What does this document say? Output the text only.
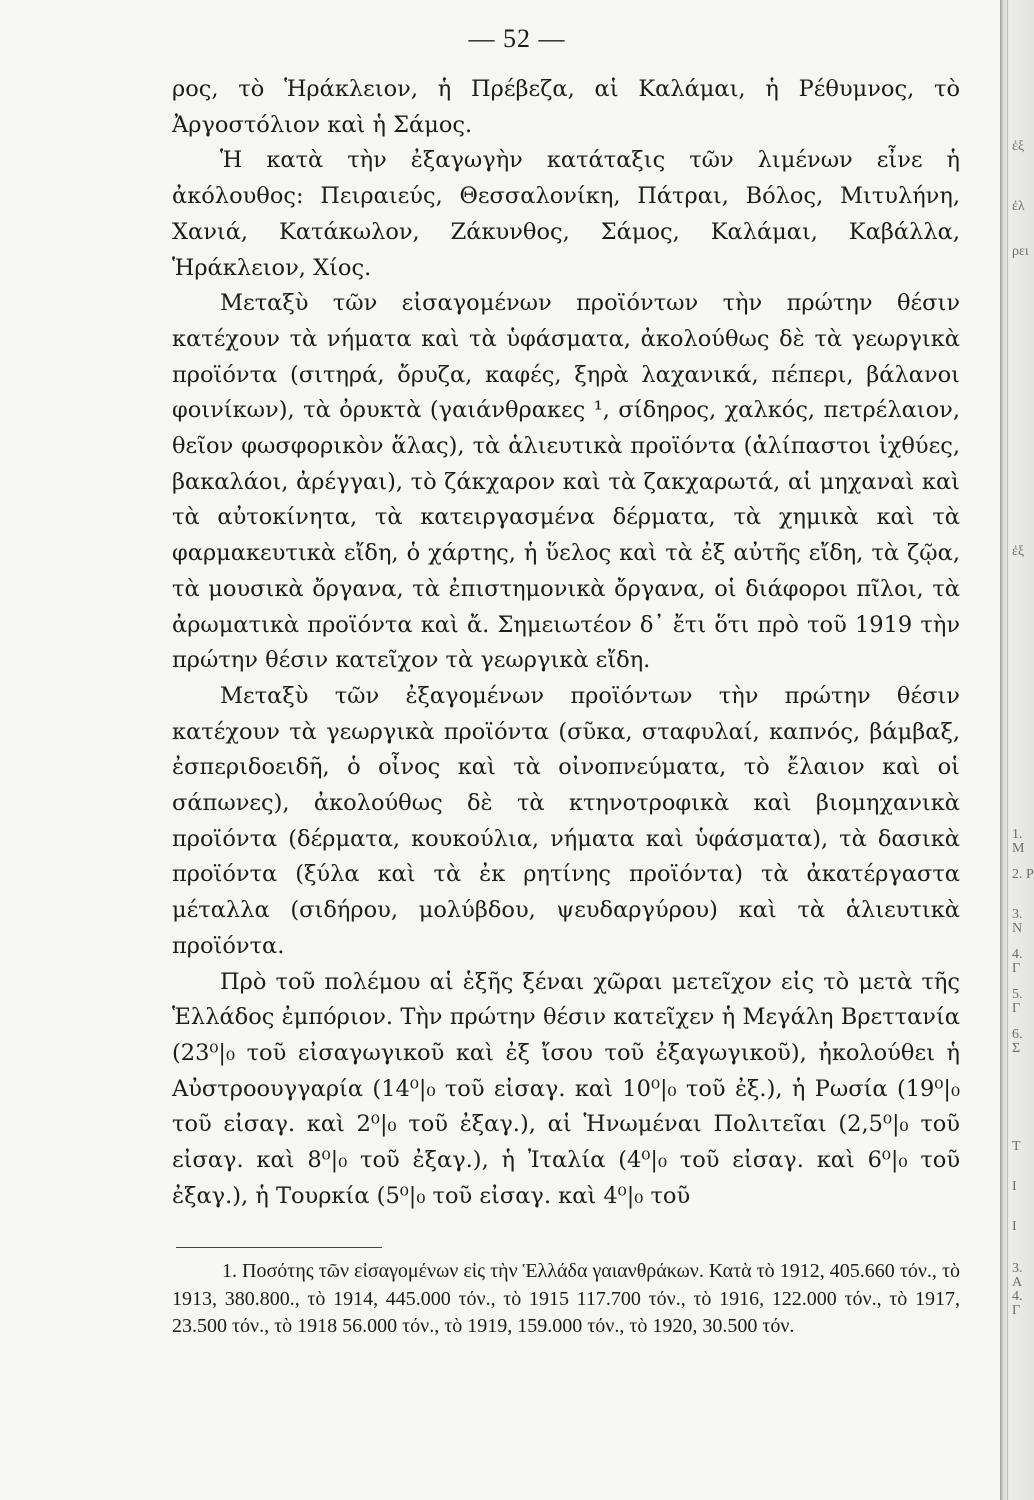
— 52 —

ρος, τὸ Ἡράκλειον, ἡ Πρέβεζα, αἱ Καλάμαι, ἡ Ρέθυμνος, τὸ Ἀργοστόλιον καὶ ἡ Σάμος.

Ἡ κατὰ τὴν ἐξαγωγὴν κατάταξις τῶν λιμένων εἶνε ἡ ἀκόλουθος: Πειραιεύς, Θεσσαλονίκη, Πάτραι, Βόλος, Μιτυλήνη, Χανιά, Κατάκωλον, Ζάκυνθος, Σάμος, Καλάμαι, Καβάλλα, Ἡράκλειον, Χίος.

Μεταξὺ τῶν εἰσαγομένων προϊόντων τὴν πρώτην θέσιν κατέχουν τὰ νήματα καὶ τὰ ὑφάσματα, ἀκολούθως δὲ τὰ γεωργικὰ προϊόντα (σιτηρά, ὄρυζα, καφές, ξηρὰ λαχανικά, πέπερι, βάλανοι φοινίκων), τὰ ὀρυκτὰ (γαιάνθρακες ¹, σίδηρος, χαλκός, πετρέλαιον, θεῖον φωσφορικὸν ἅλας), τὰ ἁλιευτικὰ προϊόντα (ἁλίπαστοι ἰχθύες, βακαλάοι, ἀρέγγαι), τὸ ζάκχαρον καὶ τὰ ζακχαρωτά, αἱ μηχαναὶ καὶ τὰ αὐτοκίνητα, τὰ κατειργασμένα δέρματα, τὰ χημικὰ καὶ τὰ φαρμακευτικὰ εἴδη, ὁ χάρτης, ἡ ὕελος καὶ τὰ ἐξ αὐτῆς εἴδη, τὰ ζῷα, τὰ μουσικὰ ὄργανα, τὰ ἐπιστημονικὰ ὄργανα, οἱ διάφοροι πῖλοι, τὰ ἀρωματικὰ προϊόντα καὶ ἄ. Σημειωτέον δ᾽ ἔτι ὅτι πρὸ τοῦ 1919 τὴν πρώτην θέσιν κατεῖχον τὰ γεωργικὰ εἴδη.

Μεταξὺ τῶν ἐξαγομένων προϊόντων τὴν πρώτην θέσιν κατέχουν τὰ γεωργικὰ προϊόντα (σῦκα, σταφυλαί, καπνός, βάμβαξ, ἐσπεριδοειδῆ, ὁ οἶνος καὶ τὰ οἰνοπνεύματα, τὸ ἔλαιον καὶ οἱ σάπωνες), ἀκολούθως δὲ τὰ κτηνοτροφικὰ καὶ βιομηχανικὰ προϊόντα (δέρματα, κουκούλια, νήματα καὶ ὑφάσματα), τὰ δασικὰ προϊόντα (ξύλα καὶ τὰ ἐκ ρητίνης προϊόντα) τὰ ἀκατέργαστα μέταλλα (σιδήρου, μολύβδου, ψευδαργύρου) καὶ τὰ ἁλιευτικὰ προϊόντα.

Πρὸ τοῦ πολέμου αἱ ἑξῆς ξέναι χῶραι μετεῖχον εἰς τὸ μετὰ τῆς Ἑλλάδος ἐμπόριον. Τὴν πρώτην θέσιν κατεῖχεν ἡ Μεγάλη Βρεττανία (23⁰|₀ τοῦ εἰσαγωγικοῦ καὶ ἐξ ἴσου τοῦ ἐξαγωγικοῦ), ἠκολούθει ἡ Αὐστροουγγαρία (14⁰|₀ τοῦ εἰσαγ. καὶ 10⁰|₀ τοῦ ἐξ.), ἡ Ρωσία (19⁰|₀ τοῦ εἰσαγ. καὶ 2⁰|₀ τοῦ ἐξαγ.), αἱ Ἡνωμέναι Πολιτεῖαι (2,5⁰|₀ τοῦ εἰσαγ. καὶ 8⁰|₀ τοῦ ἐξαγ.), ἡ Ἰταλία (4⁰|₀ τοῦ εἰσαγ. καὶ 6⁰|₀ τοῦ ἐξαγ.), ἡ Τουρκία (5⁰|₀ τοῦ εἰσαγ. καὶ 4⁰|₀ τοῦ

1. Ποσότης τῶν εἰσαγομένων εἰς τὴν Ἑλλάδα γαιανθράκων. Κατὰ τὸ 1912, 405.660 τόν., τὸ 1913, 380.800., τὸ 1914, 445.000 τόν., τὸ 1915 117.700 τόν., τὸ 1916, 122.000 τόν., τὸ 1917, 23.500 τόν., τὸ 1918 56.000 τόν., τὸ 1919, 159.000 τόν., τὸ 1920, 30.500 τόν.
ἐξ
ἐλ
ρει
ἐξ
1. Μ
2. Ρ
3. Ν
4. Γ
5. Γ
6. Σ
Τ
Ι
Ι
3. Α
4. Γ
